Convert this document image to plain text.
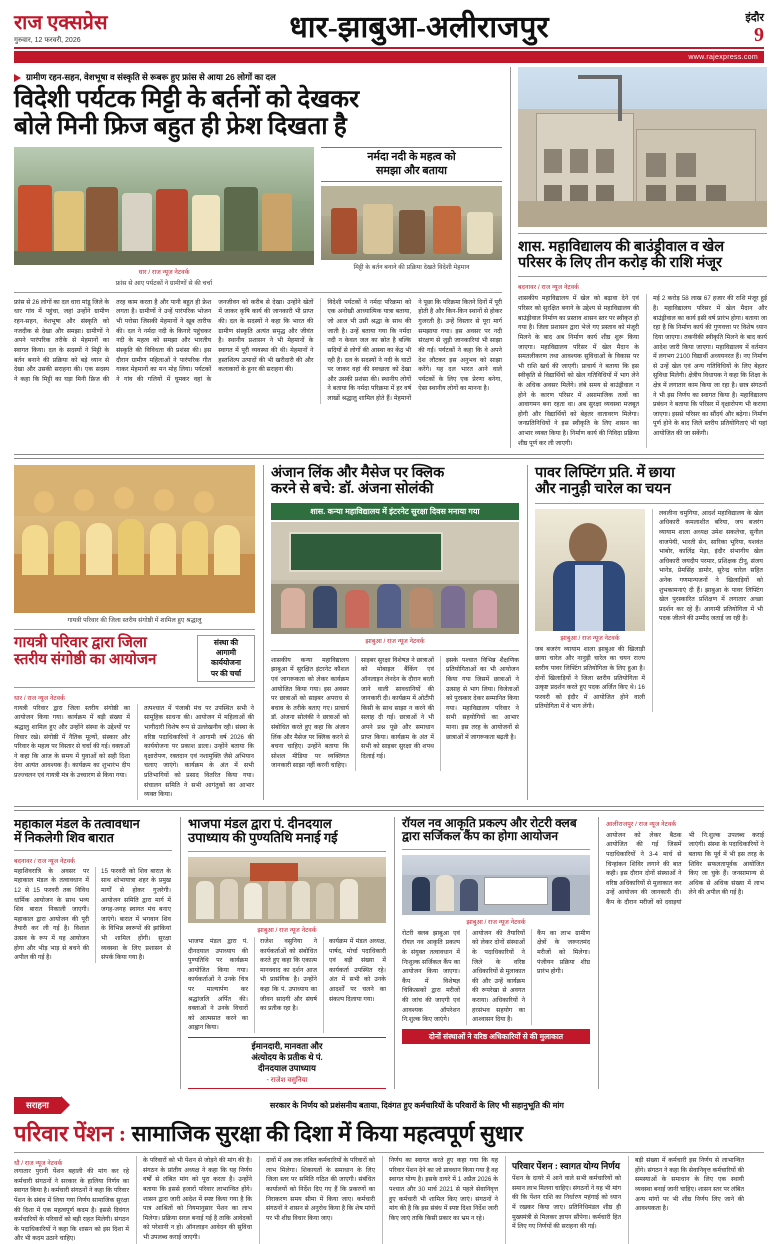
राज एक्सप्रेस
गुरुवार, 12 फरवरी, 2026	धार-झाबुआ-अलीराजपुर	इंदौर
9
www.rajexpress.com
ग्रामीण रहन-सहन, वेशभूषा व संस्कृति से रूबरू हुए फ्रांस से आया 26 लोगों का दल
विदेशी पर्यटक मिट्टी के बर्तनों को देखकर
बोले मिनी फ्रिज बहुत ही फ्रेश दिखता है
धार / राज न्यूज नेटवर्क
फ्रांस से आए पर्यटकों ने ग्रामीणों से की चर्चा
नर्मदा नदी के महत्व को
समझा और बताया
मिट्टी के बर्तन बनाने की प्रक्रिया देखते विदेशी मेहमान
फ्रांस से 26 लोगों का दल धारा मांडू जिले के धार गांव में पहुंचा, जहां उन्होंने ग्रामीण रहन-सहन, वेशभूषा और संस्कृति को नजदीक से देखा और समझा। ग्रामीणों ने अपने पारंपरिक तरीके से मेहमानों का स्वागत किया। दल के सदस्यों ने मिट्टी के बर्तन बनाने की प्रक्रिया को बड़े ध्यान से देखा और उसकी सराहना की। एक सदस्य ने कहा कि मिट्टी का घड़ा मिनी फ्रिज की तरह काम करता है और पानी बहुत ही फ्रेश लगता है। ग्रामीणों ने उन्हें पारंपरिक भोजन भी परोसा जिसकी मेहमानों ने खूब तारीफ की। दल ने नर्मदा नदी के किनारे पहुंचकर नदी के महत्व को समझा और भारतीय संस्कृति की विविधता की प्रशंसा की। इस दौरान ग्रामीण महिलाओं ने पारंपरिक गीत गाकर मेहमानों का मन मोह लिया। पर्यटकों ने गांव की गलियों में घूमकर वहां के जनजीवन को करीब से देखा। उन्होंने खेतों में जाकर कृषि कार्य की जानकारी भी प्राप्त की। दल के सदस्यों ने कहा कि भारत की ग्रामीण संस्कृति अत्यंत समृद्ध और जीवंत है। स्थानीय प्रशासन ने भी मेहमानों के स्वागत में पूरी व्यवस्था की थी। मेहमानों ने हस्तशिल्प उत्पादों की भी खरीदारी की और कलाकारों के हुनर की सराहना की।
विदेशी पर्यटकों ने नर्मदा परिक्रमा को एक अनोखी आध्यात्मिक यात्रा बताया, जो आज भी उसी श्रद्धा के साथ की जाती है। उन्हें बताया गया कि नर्मदा नदी न केवल जल का स्रोत है बल्कि सदियों से लोगों की आस्था का केंद्र भी रही है। दल के सदस्यों ने नदी के घाटों पर जाकर वहां की स्वच्छता को देखा और उसकी प्रशंसा की। स्थानीय लोगों ने बताया कि नर्मदा परिक्रमा में हर वर्ष लाखों श्रद्धालु शामिल होते हैं। मेहमानों ने पूछा कि परिक्रमा कितने दिनों में पूरी होती है और किन-किन स्थानों से होकर गुजरती है। उन्हें विस्तार से पूरा मार्ग समझाया गया। इस अवसर पर नदी संरक्षण से जुड़ी जानकारियां भी साझा की गईं। पर्यटकों ने कहा कि वे अपने देश लौटकर इस अनुभव को साझा करेंगे। यह दल भारत आने वाले पर्यटकों के लिए एक प्रेरणा बनेगा, ऐसा स्थानीय लोगों का मानना है।
शास. महाविद्यालय की बाउंड्रीवाल व खेल
परिसर के लिए तीन करोड़ की राशि मंजूर
बदनावर / राज न्यूज नेटवर्क
शासकीय महाविद्यालय में खेल को बढ़ावा देने एवं परिसर को सुरक्षित बनाने के उद्देश्य से महाविद्यालय की बाउंड्रीवाल निर्माण का प्रस्ताव शासन स्तर पर स्वीकृत हो गया है। जिला प्रशासन द्वारा भेजे गए प्रस्ताव को मंजूरी मिलने के बाद अब निर्माण कार्य शीघ्र शुरू किया जाएगा। महाविद्यालय परिसर में खेल मैदान के समतलीकरण तथा आवश्यक सुविधाओं के विकास पर भी राशि खर्च की जाएगी। प्राचार्य ने बताया कि इस स्वीकृति से विद्यार्थियों को खेल गतिविधियों में भाग लेने के अधिक अवसर मिलेंगे। लंबे समय से बाउंड्रीवाल न होने के कारण परिसर में असामाजिक तत्वों का आवागमन बना रहता था। अब सुरक्षा व्यवस्था मजबूत होगी और विद्यार्थियों को बेहतर वातावरण मिलेगा। जनप्रतिनिधियों ने इस स्वीकृति के लिए शासन का आभार व्यक्त किया है। निर्माण कार्य की निविदा प्रक्रिया शीघ्र पूर्ण कर ली जाएगी।
मई 2 करोड़ 58 लाख 67 हजार की राशि मंजूर हुई है। महाविद्यालय परिसर में खेल मैदान और बाउंड्रीवाल का कार्य इसी वर्ष प्रारंभ होगा। बताया जा रहा है कि निर्माण कार्य की गुणवत्ता पर विशेष ध्यान दिया जाएगा। तकनीकी स्वीकृति मिलने के बाद कार्य आदेश जारी किया जाएगा। महाविद्यालय में वर्तमान में लगभग 2100 विद्यार्थी अध्ययनरत हैं। नए निर्माण से उन्हें खेल एवं अन्य गतिविधियों के लिए बेहतर सुविधा मिलेगी। क्षेत्रीय विधायक ने कहा कि शिक्षा के क्षेत्र में लगातार काम किया जा रहा है। छात्र संगठनों ने भी इस निर्णय का स्वागत किया है। महाविद्यालय प्रबंधन ने बताया कि परिसर में वृक्षारोपण भी कराया जाएगा। इससे परिसर का सौंदर्य और बढ़ेगा। निर्माण पूर्ण होने के बाद जिले स्तरीय प्रतियोगिताएं भी यहां आयोजित की जा सकेंगी।
गायत्री परिवार की जिला स्तरीय संगोष्ठी में शामिल हुए श्रद्धालु
गायत्री परिवार द्वारा जिला
स्तरीय संगोष्ठी का आयोजन
संस्था की
आगामी
कार्ययोजना
पर की चर्चा
धार / राज न्यूज नेटवर्क
गायत्री परिवार द्वारा जिला स्तरीय संगोष्ठी का आयोजन किया गया। कार्यक्रम में बड़ी संख्या में श्रद्धालु शामिल हुए और उन्होंने संस्था के उद्देश्यों पर विचार रखे। संगोष्ठी में नैतिक मूल्यों, संस्कार और परिवार के महत्व पर विस्तार से चर्चा की गई। वक्ताओं ने कहा कि आज के समय में युवाओं को सही दिशा देना अत्यंत आवश्यक है। कार्यक्रम का शुभारंभ दीप प्रज्ज्वलन एवं गायत्री मंत्र के उच्चारण से किया गया।
तत्पश्चात में पंजाबी मंच पर उपस्थित सभी ने सामूहिक साधना की। आयोजन में महिलाओं की भागीदारी विशेष रूप से उल्लेखनीय रही। संस्था के वरिष्ठ पदाधिकारियों ने आगामी वर्ष 2026 की कार्ययोजना पर प्रकाश डाला। उन्होंने बताया कि वृक्षारोपण, रक्तदान एवं नशामुक्ति जैसे अभियान चलाए जाएंगे। कार्यक्रम के अंत में सभी प्रतिभागियों को प्रसाद वितरित किया गया। संचालन समिति ने सभी आगंतुकों का आभार व्यक्त किया।
अंजान लिंक और मैसेज पर क्लिक
करने से बचे: डॉ. अंजना सोलंकी
शास. कन्या महाविद्यालय में इंटरनेट सुरक्षा दिवस मनाया गया
झाबुआ / राज न्यूज नेटवर्क
शासकीय कन्या महाविद्यालय झाबुआ में सुरक्षित इंटरनेट कौशल एवं जागरूकता को लेकर कार्यक्रम आयोजित किया गया। इस अवसर पर छात्राओं को साइबर अपराध से बचाव के तरीके बताए गए। प्राचार्य डॉ. अंजना सोलंकी ने छात्राओं को संबोधित करते हुए कहा कि अंजान लिंक और मैसेज पर क्लिक करने से बचना चाहिए। उन्होंने बताया कि सोशल मीडिया पर व्यक्तिगत जानकारी साझा नहीं करनी चाहिए।
साइबर सुरक्षा विशेषज्ञ ने छात्राओं को मोबाइल बैंकिंग एवं ऑनलाइन लेनदेन के दौरान बरती जाने वाली सावधानियों की जानकारी दी। कार्यक्रम में ओटीपी किसी के साथ साझा न करने की सलाह दी गई। छात्राओं ने भी अपने प्रश्न पूछे और समाधान प्राप्त किया। कार्यक्रम के अंत में सभी को साइबर सुरक्षा की शपथ दिलाई गई।
इसके पश्चात विभिन्न शैक्षणिक प्रतियोगिताओं का भी आयोजन किया गया जिसमें छात्राओं ने उत्साह से भाग लिया। विजेताओं को पुरस्कार देकर सम्मानित किया गया। महाविद्यालय परिवार ने सभी सहयोगियों का आभार माना। इस तरह के आयोजनों से छात्राओं में जागरूकता बढ़ती है।
पावर लिफ्टिंग प्रति. में छाया
और नानुड़ी चारेल का चयन
झाबुआ / राज न्यूज नेटवर्क
जब बजरंग व्यायाम शाला झाबुआ की खिलाड़ी छाया चारेल और नानुड़ी चारेल का चयन राज्य स्तरीय पावर लिफ्टिंग प्रतियोगिता के लिए हुआ है। दोनों खिलाड़ियों ने जिला स्तरीय प्रतियोगिता में उत्कृष्ट प्रदर्शन करते हुए पदक अर्जित किए थे। 16 फरवरी को इंदौर में आयोजित होने वाली प्रतियोगिता में वे भाग लेंगी।
लवलीना चमुगिया, आदर्श महाविद्यालय के खेल अधिकारी कमलाशीत बरिया, जय बजरंग व्यायाम शाला अध्यक्ष उमेश सकलेचा, सुनील वाजपेयी, भारती सेन, सारिका भूरिया, यशवंत भाबोर, कालिंद्र मेड़ा, इंदौर संभागीय खेल अधिकारी जयदीप परमार, प्रशिक्षक टीनू, संजय भानेड, प्रेमसिंह डामोर, सुरेन्द्र चारेल सहित अनेक गणमान्यजनों ने खिलाड़ियों को शुभकामनाएं दी हैं। झाबुआ के पावर लिफ्टिंग खेल पुरस्कारित प्रशिक्षण में लगातार अच्छा प्रदर्शन कर रहे हैं। आगामी प्रतियोगिता में भी पदक जीतने की उम्मीद जताई जा रही है।
महाकाल मंडल के तत्वावधान
में निकलेगी शिव बारात
बदनावर / राज न्यूज नेटवर्क
महाशिवरात्रि के अवसर पर महाकाल मंडल के तत्वावधान में 12 से 15 फरवरी तक विविध धार्मिक आयोजन के साथ भव्य शिव बारात निकाली जाएगी। महाकाल द्वारा आयोजन की पूरी तैयारी कर ली गई है। विशाल उत्सव के रूप में यह आयोजन होगा और भीड़ भाड़ से बचने की अपील की गई है।
15 फरवरी को शिव बारात के साथ शोभायात्रा शहर के प्रमुख मार्गों से होकर गुजरेगी। आयोजन समिति द्वारा मार्ग में जगह-जगह स्वागत मंच बनाए जाएंगे। बारात में भगवान शिव के विभिन्न स्वरूपों की झांकियां भी शामिल होंगी। सुरक्षा व्यवस्था के लिए प्रशासन से संपर्क किया गया है।
भाजपा मंडल द्वारा पं. दीनदयाल
उपाध्याय की पुण्यतिथि मनाई गई
झाबुआ / राज न्यूज नेटवर्क
भाजपा मंडल द्वारा पं. दीनदयाल उपाध्याय की पुण्यतिथि पर कार्यक्रम आयोजित किया गया। कार्यकर्ताओं ने उनके चित्र पर माल्यार्पण कर श्रद्धांजलि अर्पित की। वक्ताओं ने उनके विचारों को आत्मसात करने का आह्वान किया।
राजेश वसुनिया ने कार्यकर्ताओं को संबोधित करते हुए कहा कि एकात्म मानववाद का दर्शन आज भी प्रासंगिक है। उन्होंने कहा कि पं. उपाध्याय का जीवन सादगी और संघर्ष का प्रतीक रहा है।
कार्यक्रम में मंडल अध्यक्ष, पार्षद, मोर्चा पदाधिकारी एवं बड़ी संख्या में कार्यकर्ता उपस्थित रहे। अंत में सभी को उनके आदर्शों पर चलने का संकल्प दिलाया गया।
ईमानदारी, मानवता और
अंत्योदय के प्रतीक थे पं.
दीनदयाल उपाध्याय
- राजेश वसुनिया
रॉयल नव आकृति प्रकल्प और रोटरी क्लब
द्वारा सर्जिकल कैंप का होगा आयोजन
झाबुआ / राज न्यूज नेटवर्क
रोटरी क्लब झाबुआ एवं रॉयल नव आकृति प्रकल्प के संयुक्त तत्वावधान में निःशुल्क सर्जिकल कैंप का आयोजन किया जाएगा। कैंप में विशेषज्ञ चिकित्सकों द्वारा मरीजों की जांच की जाएगी एवं आवश्यक ऑपरेशन नि:शुल्क किए जाएंगे।
आयोजन की तैयारियों को लेकर दोनों संस्थाओं के पदाधिकारियों ने जिले के वरिष्ठ अधिकारियों से मुलाकात की और उन्हें कार्यक्रम की रूपरेखा से अवगत कराया। अधिकारियों ने हरसंभव सहयोग का आश्वासन दिया है।
कैंप का लाभ ग्रामीण क्षेत्रों के जरूरतमंद मरीजों को मिलेगा। पंजीयन प्रक्रिया शीघ्र प्रारंभ होगी।
दोनों संस्थाओं ने वरिष्ठ अधिकारियों से की मुलाकात
आलीराजपुर / राज न्यूज नेटवर्क
आयोजन को लेकर बैठक आयोजित की गई जिसमें पदाधिकारियों ने 3-4 मार्च से चिन्हांकन शिविर लगाने की बात कही। इस दौरान दोनों संस्थाओं ने वरिष्ठ अधिकारियों से मुलाकात कर उन्हें आयोजन की जानकारी दी। कैंप के दौरान मरीजों को दवाइयां भी नि:शुल्क उपलब्ध कराई जाएंगी। संस्था के पदाधिकारियों ने बताया कि पूर्व में भी इस तरह के शिविर सफलतापूर्वक आयोजित किए जा चुके हैं। जनसामान्य से अधिक से अधिक संख्या में लाभ लेने की अपील की गई है।
सराहना	सरकार के निर्णय को प्रशंसनीय बताया, दिवंगत हुए कर्मचारियों के परिवारों के लिए भी सहानुभूति की मांग
परिवार पेंशन : सामाजिक सुरक्षा की दिशा में किया महत्वपूर्ण सुधार
धौ / राज न्यूज नेटवर्क
लगातार पुरानी पेंशन बहाली की मांग कर रहे कर्मचारी संगठनों ने सरकार के हालिया निर्णय का स्वागत किया है। कर्मचारी संगठनों ने कहा कि परिवार पेंशन के संबंध में लिया गया निर्णय सामाजिक सुरक्षा की दिशा में एक महत्वपूर्ण कदम है। इससे दिवंगत कर्मचारियों के परिवारों को बड़ी राहत मिलेगी। संगठन के पदाधिकारियों ने कहा कि शासन को इस दिशा में और भी कदम उठाने चाहिए।
के परिवारों को भी पेंशन से जोड़ने की मांग की है। संगठन के प्रांतीय अध्यक्ष ने कहा कि यह निर्णय वर्षों से लंबित मांग को पूरा करता है। उन्होंने बताया कि इससे हजारों परिवार लाभान्वित होंगे। शासन द्वारा जारी आदेश में स्पष्ट किया गया है कि पात्र आश्रितों को नियमानुसार पेंशन का लाभ मिलेगा। प्रक्रिया सरल बनाई गई है ताकि आवेदकों को परेशानी न हो। ऑनलाइन आवेदन की सुविधा भी उपलब्ध कराई जाएगी।
दावों में अब तक लंबित कर्मचारियों के परिवारों को लाभ मिलेगा। शिकायतों के समाधान के लिए जिला स्तर पर समिति गठित की जाएगी। संबंधित कार्यालयों को निर्देश दिए गए हैं कि प्रकरणों का निराकरण समय सीमा में किया जाए। कर्मचारी संगठनों ने शासन से अनुरोध किया है कि शेष मांगों पर भी शीघ्र विचार किया जाए।
निर्णय का स्वागत करते हुए कहा गया कि यह परिवार पेंशन देने का जो प्रावधान किया गया है वह स्वागत योग्य है। इसके दायरे में 1 अप्रैल 2026 के पश्चात और 30 मार्च 2021 से पहले सेवानिवृत्त हुए कर्मचारी भी शामिल किए जाएं। संगठनों ने मांग की है कि इस संबंध में स्पष्ट दिशा निर्देश जारी किए जाएं ताकि किसी प्रकार का भ्रम न रहे।
परिवार पेंशन : स्वागत योग्य निर्णय
पेंशन के दायरे में आने वाले सभी कर्मचारियों को समान लाभ मिलना चाहिए। संगठनों ने यह भी मांग की कि पेंशन राशि का निर्धारण महंगाई को ध्यान में रखकर किया जाए। प्रतिनिधिमंडल शीघ्र ही मुख्यमंत्री से मिलकर ज्ञापन सौंपेगा। कर्मचारी हित में लिए गए निर्णयों की सराहना की गई।
बड़ी संख्या में कर्मचारी इस निर्णय से लाभान्वित होंगे। संगठन ने कहा कि सेवानिवृत्त कर्मचारियों की समस्याओं के समाधान के लिए एक स्थायी व्यवस्था बनाई जानी चाहिए। शासन स्तर पर लंबित अन्य मांगों पर भी शीघ्र निर्णय लिए जाने की आवश्यकता है।
